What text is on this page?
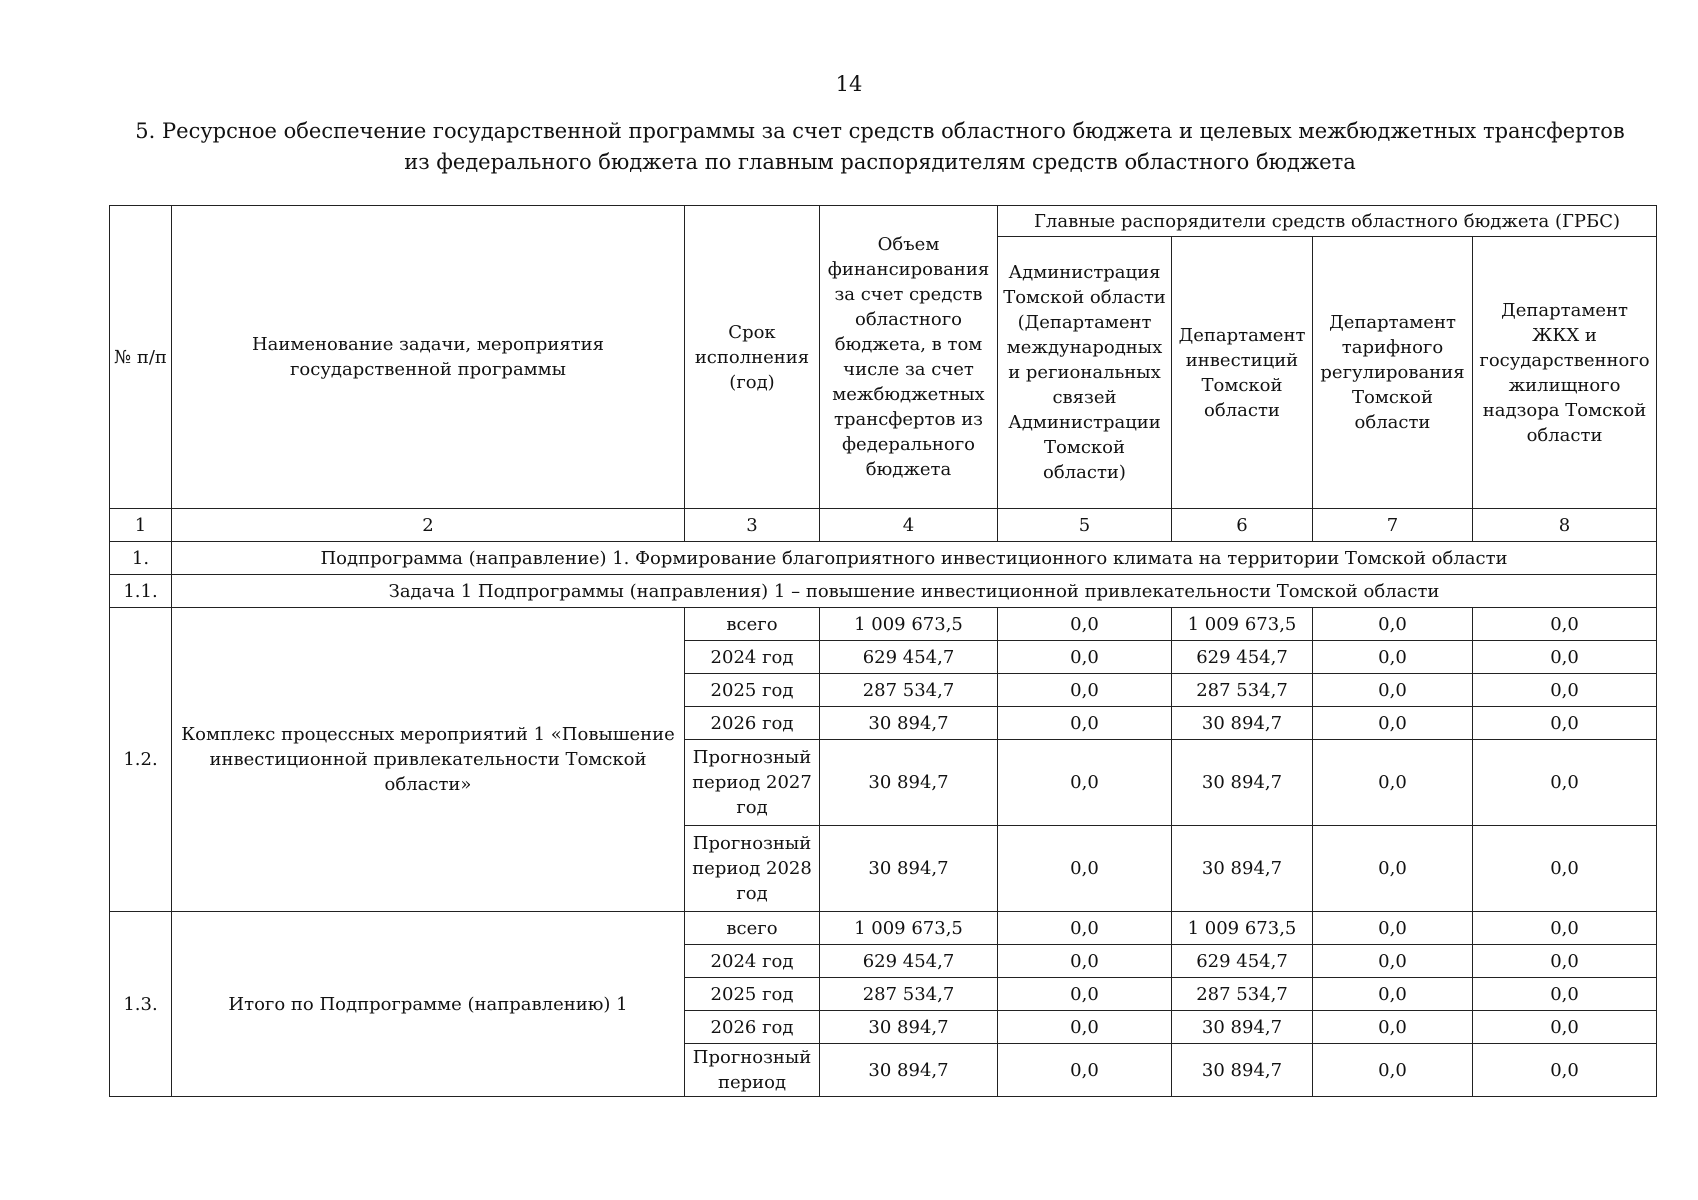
14
5. Ресурсное обеспечение государственной программы за счет средств областного бюджета и целевых межбюджетных трансфертов
из федерального бюджета по главным распорядителям средств областного бюджета
№ п/п	Наименование задачи, мероприятия государственной программы	Срок исполнения (год)	Объем финансирования за счет средств областного бюджета, в том числе за счет межбюджетных трансфертов из федерального бюджета	Главные распорядители средств областного бюджета (ГРБС)			
				Администрация Томской области (Департамент международных и региональных связей Администрации Томской области)	Департамент инвестиций Томской области	Департамент тарифного регулирования Томской области	Департамент ЖКХ и государственного жилищного надзора Томской области
1	2	3	4	5	6	7	8
1.	Подпрограмма (направление) 1. Формирование благоприятного инвестиционного климата на территории Томской области						
1.1.	Задача 1 Подпрограммы (направления) 1 – повышение инвестиционной привлекательности Томской области						
1.2.	Комплекс процессных мероприятий 1 «Повышение инвестиционной привлекательности Томской области»	всего	1 009 673,5	0,0	1 009 673,5	0,0	0,0
		2024 год	629 454,7	0,0	629 454,7	0,0	0,0
		2025 год	287 534,7	0,0	287 534,7	0,0	0,0
		2026 год	30 894,7	0,0	30 894,7	0,0	0,0
		Прогнозный период 2027 год	30 894,7	0,0	30 894,7	0,0	0,0
		Прогнозный период 2028 год	30 894,7	0,0	30 894,7	0,0	0,0
1.3.	Итого по Подпрограмме (направлению) 1	всего	1 009 673,5	0,0	1 009 673,5	0,0	0,0
		2024 год	629 454,7	0,0	629 454,7	0,0	0,0
		2025 год	287 534,7	0,0	287 534,7	0,0	0,0
		2026 год	30 894,7	0,0	30 894,7	0,0	0,0
		Прогнозный период	30 894,7	0,0	30 894,7	0,0	0,0
